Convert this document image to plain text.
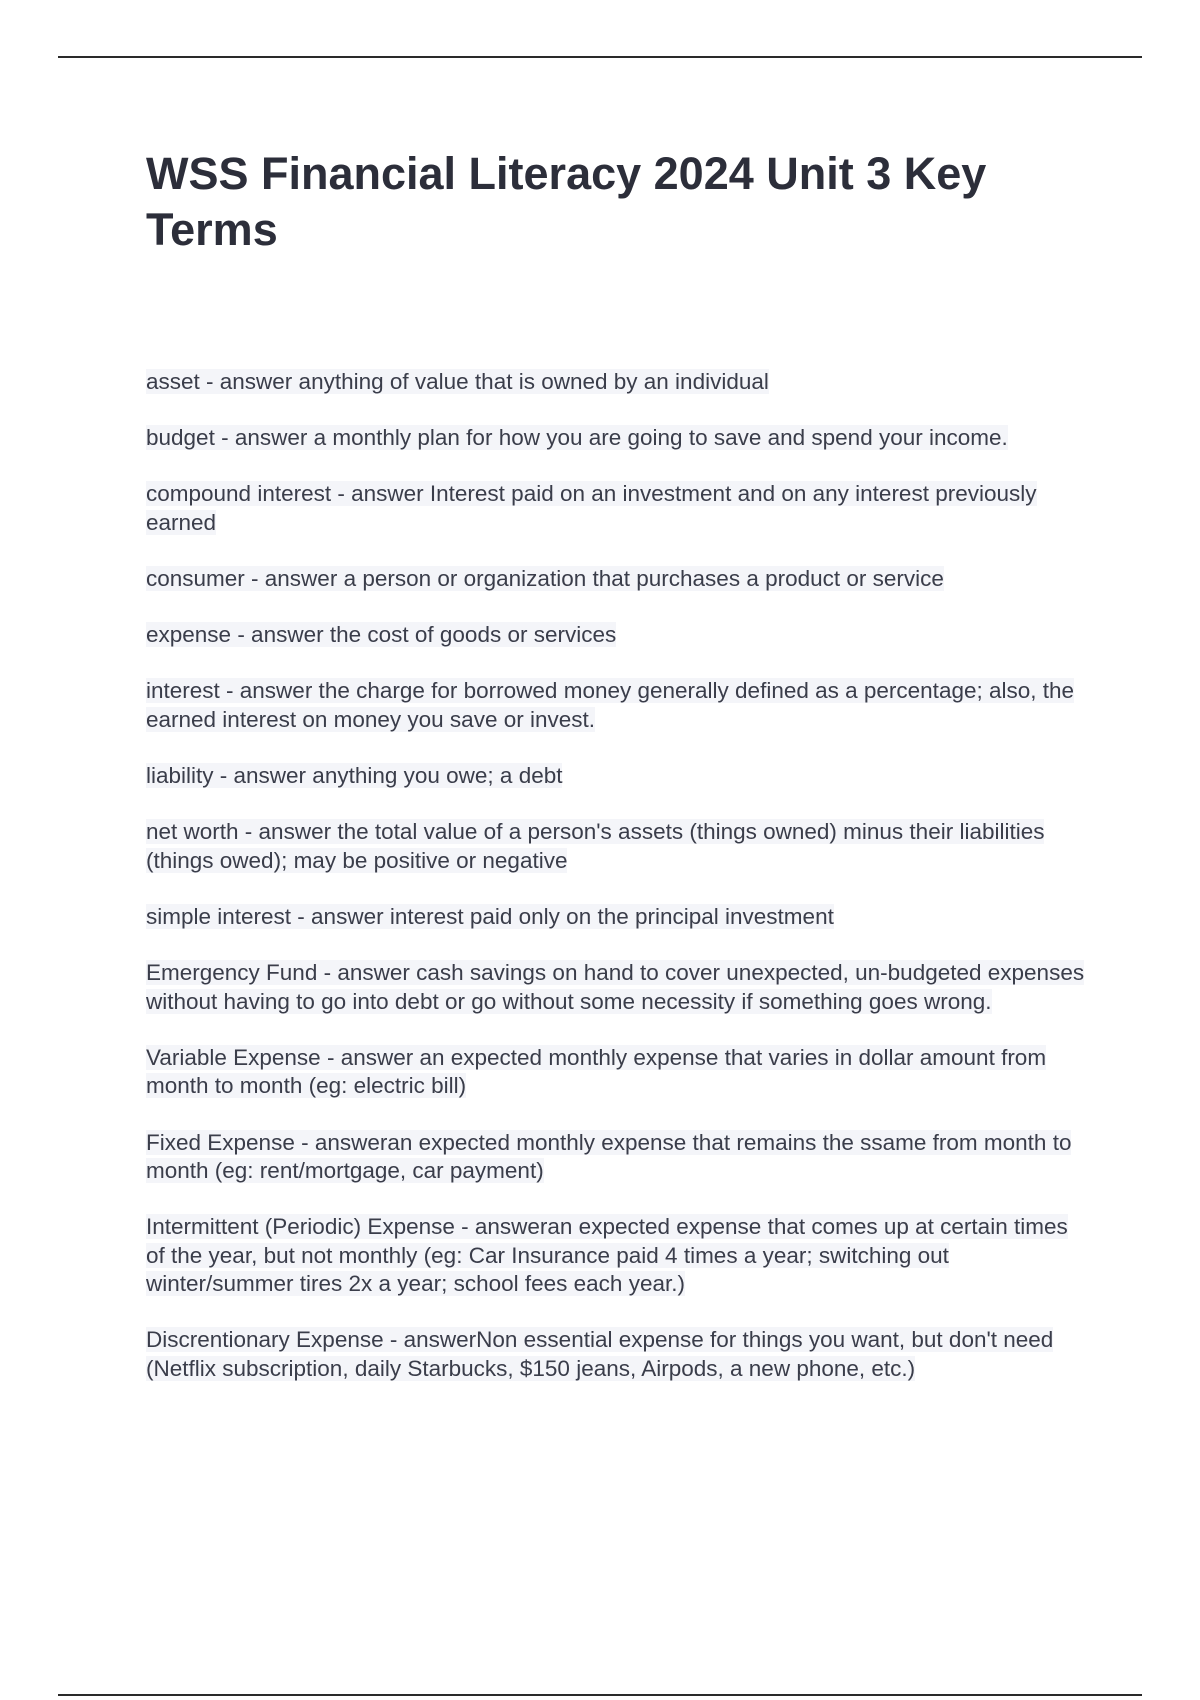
WSS Financial Literacy 2024 Unit 3 Key Terms

asset - answer anything of value that is owned by an individual

budget - answer a monthly plan for how you are going to save and spend your income.

compound interest - answer Interest paid on an investment and on any interest previously earned

consumer - answer a person or organization that purchases a product or service

expense - answer the cost of goods or services

interest - answer the charge for borrowed money generally defined as a percentage; also, the earned interest on money you save or invest.

liability - answer anything you owe; a debt

net worth - answer the total value of a person's assets (things owned) minus their liabilities (things owed); may be positive or negative

simple interest - answer interest paid only on the principal investment

Emergency Fund - answer cash savings on hand to cover unexpected, un-budgeted expenses without having to go into debt or go without some necessity if something goes wrong.

Variable Expense - answer an expected monthly expense that varies in dollar amount from month to month (eg: electric bill)

Fixed Expense - answeran expected monthly expense that remains the ssame from month to month (eg: rent/mortgage, car payment)

Intermittent (Periodic) Expense - answeran expected expense that comes up at certain times of the year, but not monthly (eg: Car Insurance paid 4 times a year; switching out winter/summer tires 2x a year; school fees each year.)

Discrentionary Expense - answerNon essential expense for things you want, but don't need (Netflix subscription, daily Starbucks, $150 jeans, Airpods, a new phone, etc.)
